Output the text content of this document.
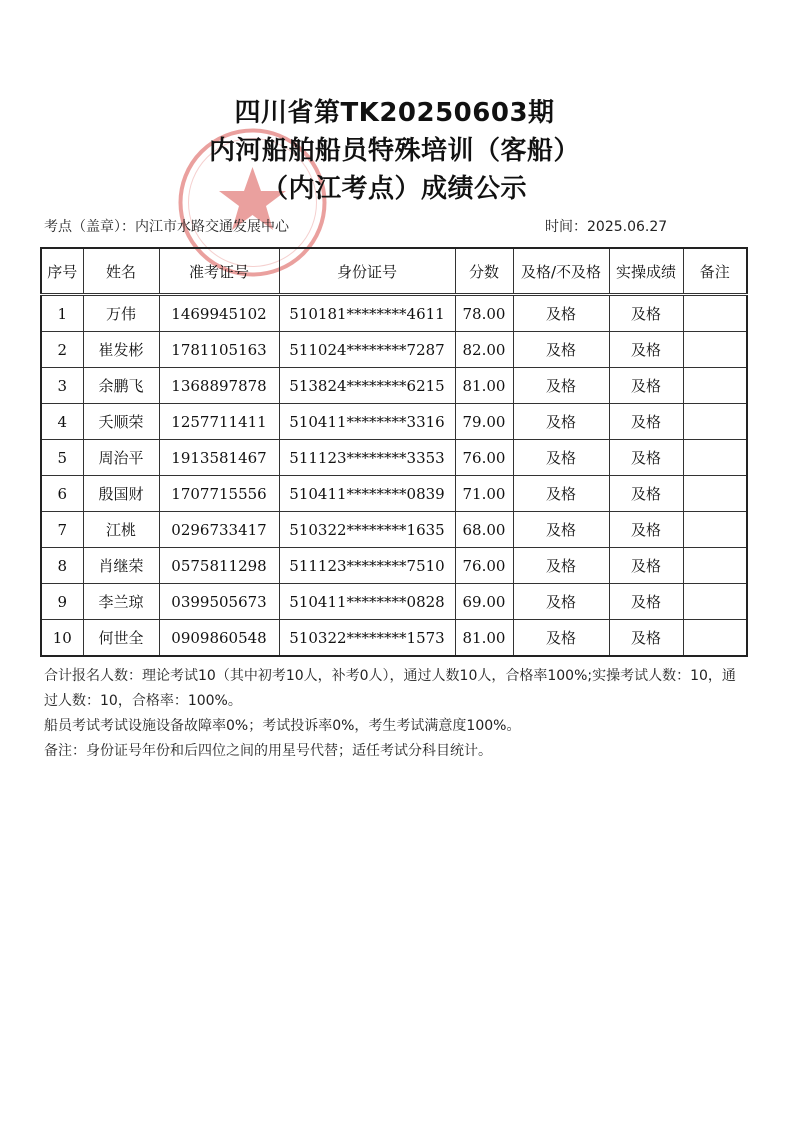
四川省第TK20250603期
内河船舶船员特殊培训（客船）
（内江考点）成绩公示
考点（盖章）：内江市水路交通发展中心	时间：2025.06.27
序号	姓名	准考证号	身份证号	分数	及格/不及格	实操成绩	备注
1	万伟	1469945102	510181********4611	78.00	及格	及格	
2	崔发彬	1781105163	511024********7287	82.00	及格	及格	
3	余鹏飞	1368897878	513824********6215	81.00	及格	及格	
4	夭顺荣	1257711411	510411********3316	79.00	及格	及格	
5	周治平	1913581467	511123********3353	76.00	及格	及格	
6	殷国财	1707715556	510411********0839	71.00	及格	及格	
7	江桃	0296733417	510322********1635	68.00	及格	及格	
8	肖继荣	0575811298	511123********7510	76.00	及格	及格	
9	李兰琼	0399505673	510411********0828	69.00	及格	及格	
10	何世全	0909860548	510322********1573	81.00	及格	及格	

合计报名人数：理论考试10（其中初考10人，补考0人），通过人数10人，合格率100%;实操考试人数：10，通过人数：10，合格率：100%。

船员考试考试设施设备故障率0%；考试投诉率0%，考生考试满意度100%。

备注：身份证号年份和后四位之间的用星号代替；适任考试分科目统计。
